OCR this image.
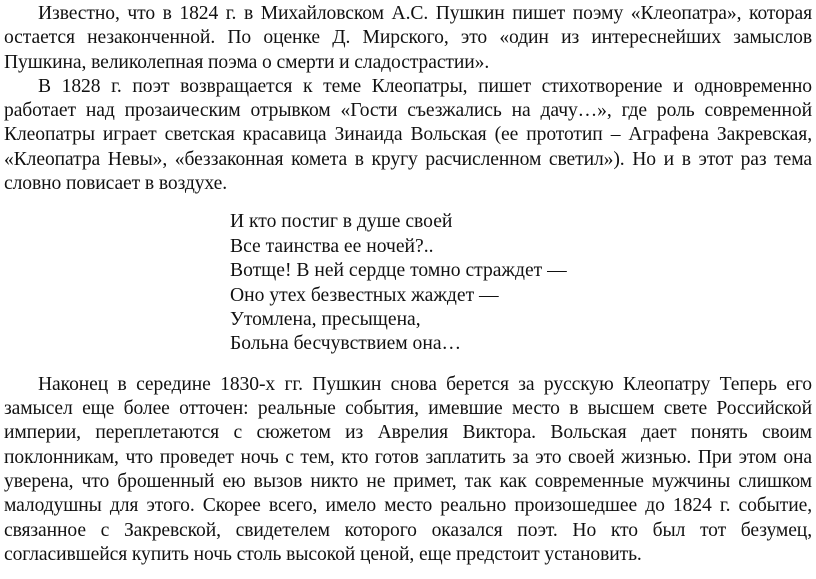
Известно, что в 1824 г. в Михайловском А.С. Пушкин пишет поэму «Клеопатра», которая остается незаконченной. По оценке Д. Мирского, это «один из интереснейших замыслов Пушкина, великолепная поэма о смерти и сладострастии».

В 1828 г. поэт возвращается к теме Клеопатры, пишет стихотворение и одновременно работает над прозаическим отрывком «Гости съезжались на дачу…», где роль современной Клеопатры играет светская красавица Зинаида Вольская (ее прототип – Аграфена Закревская, «Клеопатра Невы», «беззаконная комета в кругу расчисленном светил»). Но и в этот раз тема словно повисает в воздухе.

И кто постиг в душе своей
Все таинства ее ночей?..
Вотще! В ней сердце томно страждет —
Оно утех безвестных жаждет —
Утомлена, пресыщена,
Больна бесчувствием она…

Наконец в середине 1830-х гг. Пушкин снова берется за русскую Клеопатру Теперь его замысел еще более отточен: реальные события, имевшие место в высшем свете Российской империи, переплетаются с сюжетом из Аврелия Виктора. Вольская дает понять своим поклонникам, что проведет ночь с тем, кто готов заплатить за это своей жизнью. При этом она уверена, что брошенный ею вызов никто не примет, так как современные мужчины слишком малодушны для этого. Скорее всего, имело место реально произошедшее до 1824 г. событие, связанное с Закревской, свидетелем которого оказался поэт. Но кто был тот безумец, согласившейся купить ночь столь высокой ценой, еще предстоит установить.
